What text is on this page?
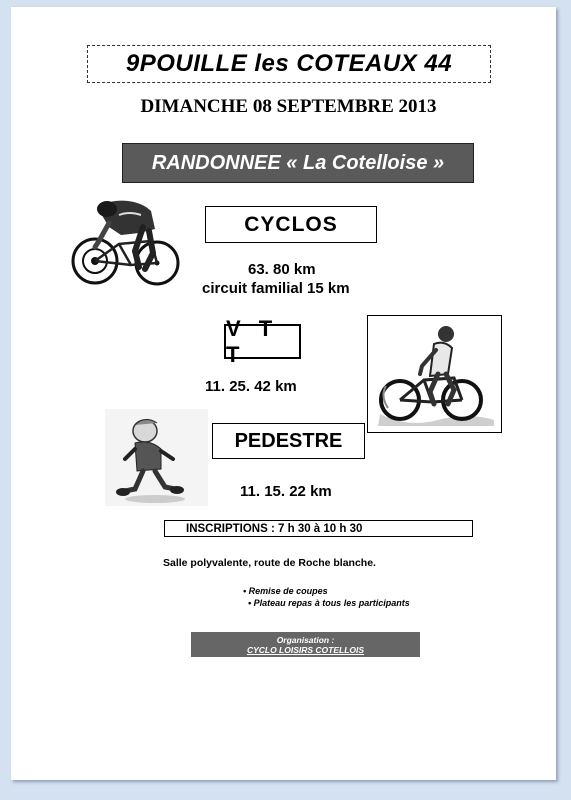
9POUILLE les COTEAUX 44
DIMANCHE 08 SEPTEMBRE 2013
RANDONNEE « La Cotelloise »
CYCLOS
63. 80 km
circuit familial 15 km
V T T
11. 25. 42 km
PEDESTRE
11. 15. 22 km
INSCRIPTIONS : 7 h 30 à 10 h 30
Salle polyvalente, route de Roche blanche.
• Remise de coupes
• Plateau repas à tous les participants
Organisation :
CYCLO LOISIRS COTELLOIS
